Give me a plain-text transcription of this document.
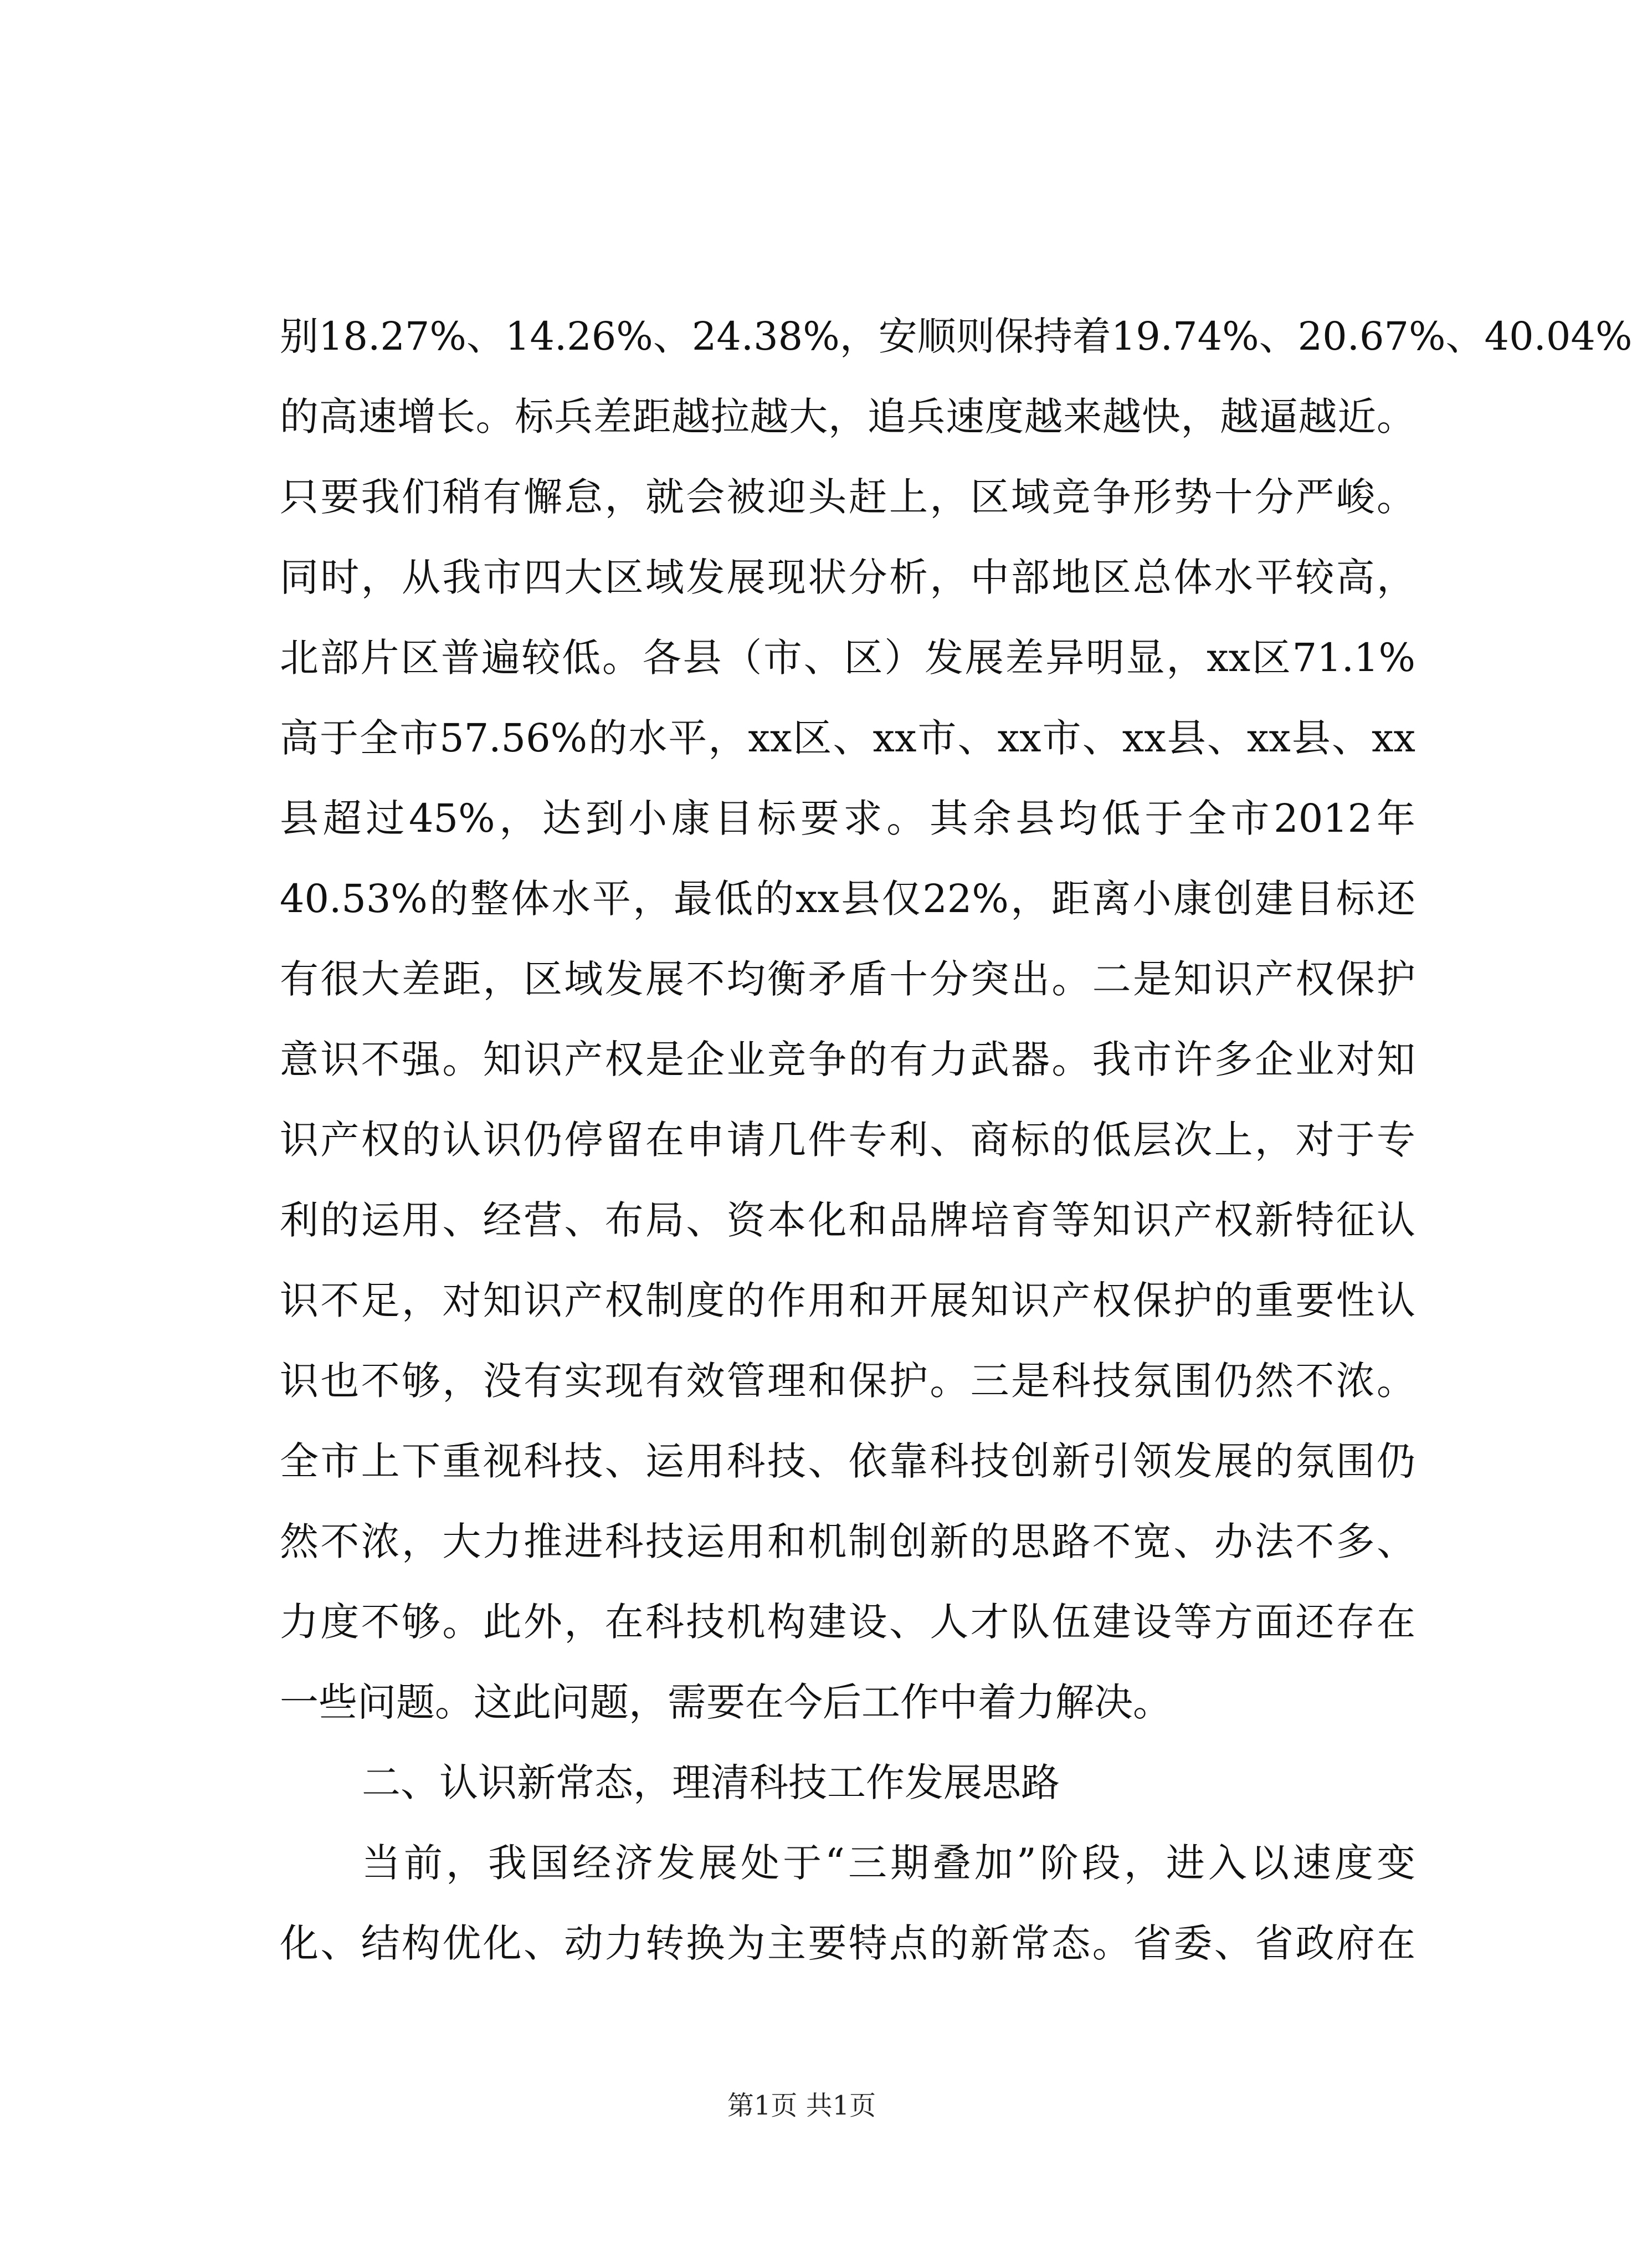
别18.27%、14.26%、24.38%，安顺则保持着19.74%、20.67%、40.04%
的高速增长。标兵差距越拉越大，追兵速度越来越快，越逼越近。
只要我们稍有懈怠，就会被迎头赶上，区域竞争形势十分严峻。
同时，从我市四大区域发展现状分析，中部地区总体水平较高，
北部片区普遍较低。各县（市、区）发展差异明显，xx区71.1%
高于全市57.56%的水平，xx区、xx市、xx市、xx县、xx县、xx
县超过45%，达到小康目标要求。其余县均低于全市2012年
40.53%的整体水平，最低的xx县仅22%，距离小康创建目标还
有很大差距，区域发展不均衡矛盾十分突出。二是知识产权保护
意识不强。知识产权是企业竞争的有力武器。我市许多企业对知
识产权的认识仍停留在申请几件专利、商标的低层次上，对于专
利的运用、经营、布局、资本化和品牌培育等知识产权新特征认
识不足，对知识产权制度的作用和开展知识产权保护的重要性认
识也不够，没有实现有效管理和保护。三是科技氛围仍然不浓。
全市上下重视科技、运用科技、依靠科技创新引领发展的氛围仍
然不浓，大力推进科技运用和机制创新的思路不宽、办法不多、
力度不够。此外，在科技机构建设、人才队伍建设等方面还存在
一些问题。这此问题，需要在今后工作中着力解决。
二、认识新常态，理清科技工作发展思路
当前，我国经济发展处于“三期叠加”阶段，进入以速度变
化、结构优化、动力转换为主要特点的新常态。省委、省政府在
第1页 共1页
